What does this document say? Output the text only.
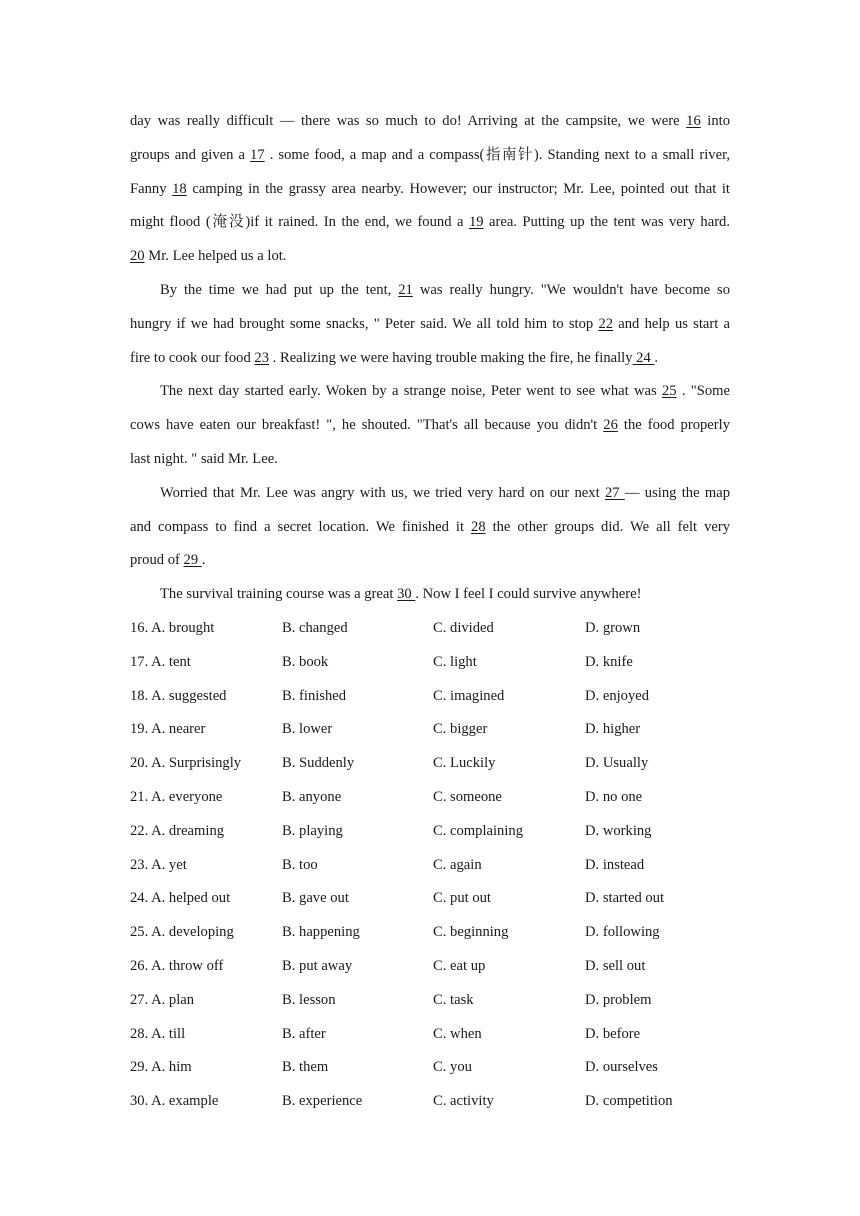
day was really difficult — there was so much to do! Arriving at the campsite, we were 16 into
groups and given a 17 . some food, a map and a compass(指南针). Standing next to a small river,
Fanny 18 camping in the grassy area nearby. However; our instructor; Mr. Lee, pointed out that it
might flood (淹没)if it rained. In the end, we found a 19 area. Putting up the tent was very hard.
20 Mr. Lee helped us a lot.
By the time we had put up the tent, 21 was really hungry. "We wouldn't have become so
hungry if we had brought some snacks, " Peter said. We all told him to stop 22 and help us start a
fire to cook our food 23 . Realizing we were having trouble making the fire, he finally 24 .
The next day started early. Woken by a strange noise, Peter went to see what was 25 . "Some
cows have eaten our breakfast! ", he shouted. "That's all because you didn't 26 the food properly
last night. " said Mr. Lee.
Worried that Mr. Lee was angry with us, we tried very hard on our next 27 — using the map
and compass to find a secret location. We finished it 28 the other groups did. We all felt very
proud of 29 .
The survival training course was a great 30 . Now I feel I could survive anywhere!
16. A. brought	B. changed	C. divided	D. grown
17. A. tent	B. book	C. light	D. knife
18. A. suggested	B. finished	C. imagined	D. enjoyed
19. A. nearer	B. lower	C. bigger	D. higher
20. A. Surprisingly	B. Suddenly	C. Luckily	D. Usually
21. A. everyone	B. anyone	C. someone	D. no one
22. A. dreaming	B. playing	C. complaining	D. working
23. A. yet	B. too	C. again	D. instead
24. A. helped out	B. gave out	C. put out	D. started out
25. A. developing	B. happening	C. beginning	D. following
26. A. throw off	B. put away	C. eat up	D. sell out
27. A. plan	B. lesson	C. task	D. problem
28. A. till	B. after	C. when	D. before
29. A. him	B. them	C. you	D. ourselves
30. A. example	B. experience	C. activity	D. competition
